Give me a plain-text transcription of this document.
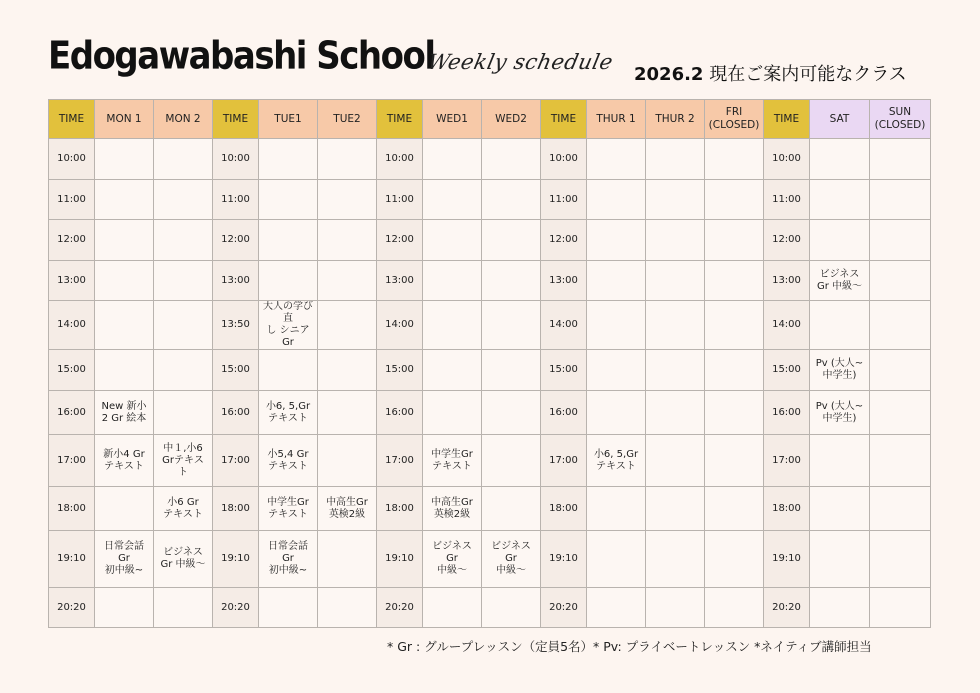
Edogawabashi School
Weekly schedule
2026.2 現在ご案内可能なクラス
TIME	MON 1	MON 2	TIME	TUE1	TUE2	TIME	WED1	WED2	TIME	THUR 1	THUR 2	FRI
(CLOSED)	TIME	SAT	SUN
(CLOSED)
10:00			10:00			10:00			10:00				10:00		
11:00			11:00			11:00			11:00				11:00		
12:00			12:00			12:00			12:00				12:00		
13:00			13:00			13:00			13:00				13:00	ビジネス
Gr 中級〜	
14:00			13:50	大人の学び直
し シニア Gr		14:00			14:00				14:00		
15:00			15:00			15:00			15:00				15:00	Pv (大人~
中学生)	
16:00	New 新小
2 Gr 絵本		16:00	小6, 5,Gr
テキスト		16:00			16:00				16:00	Pv (大人~
中学生)	
17:00	新小4 Gr
テキスト	中１,小6
Grテキス
ト	17:00	小5,4 Gr
テキスト		17:00	中学生Gr
テキスト		17:00	小6, 5,Gr
テキスト			17:00		
18:00		小6 Gr
テキスト	18:00	中学生Gr
テキスト	中高生Gr
英検2級	18:00	中高生Gr
英検2級		18:00				18:00		
19:10	日常会話
Gr
初中級~	ビジネス
Gr 中級〜	19:10	日常会話
Gr
初中級~		19:10	ビジネス
Gr
中級〜	ビジネス
Gr
中級〜	19:10				19:10		
20:20			20:20			20:20			20:20				20:20		
* Gr : グループレッスン（定員5名）* Pv: プライベートレッスン *ネイティブ講師担当
